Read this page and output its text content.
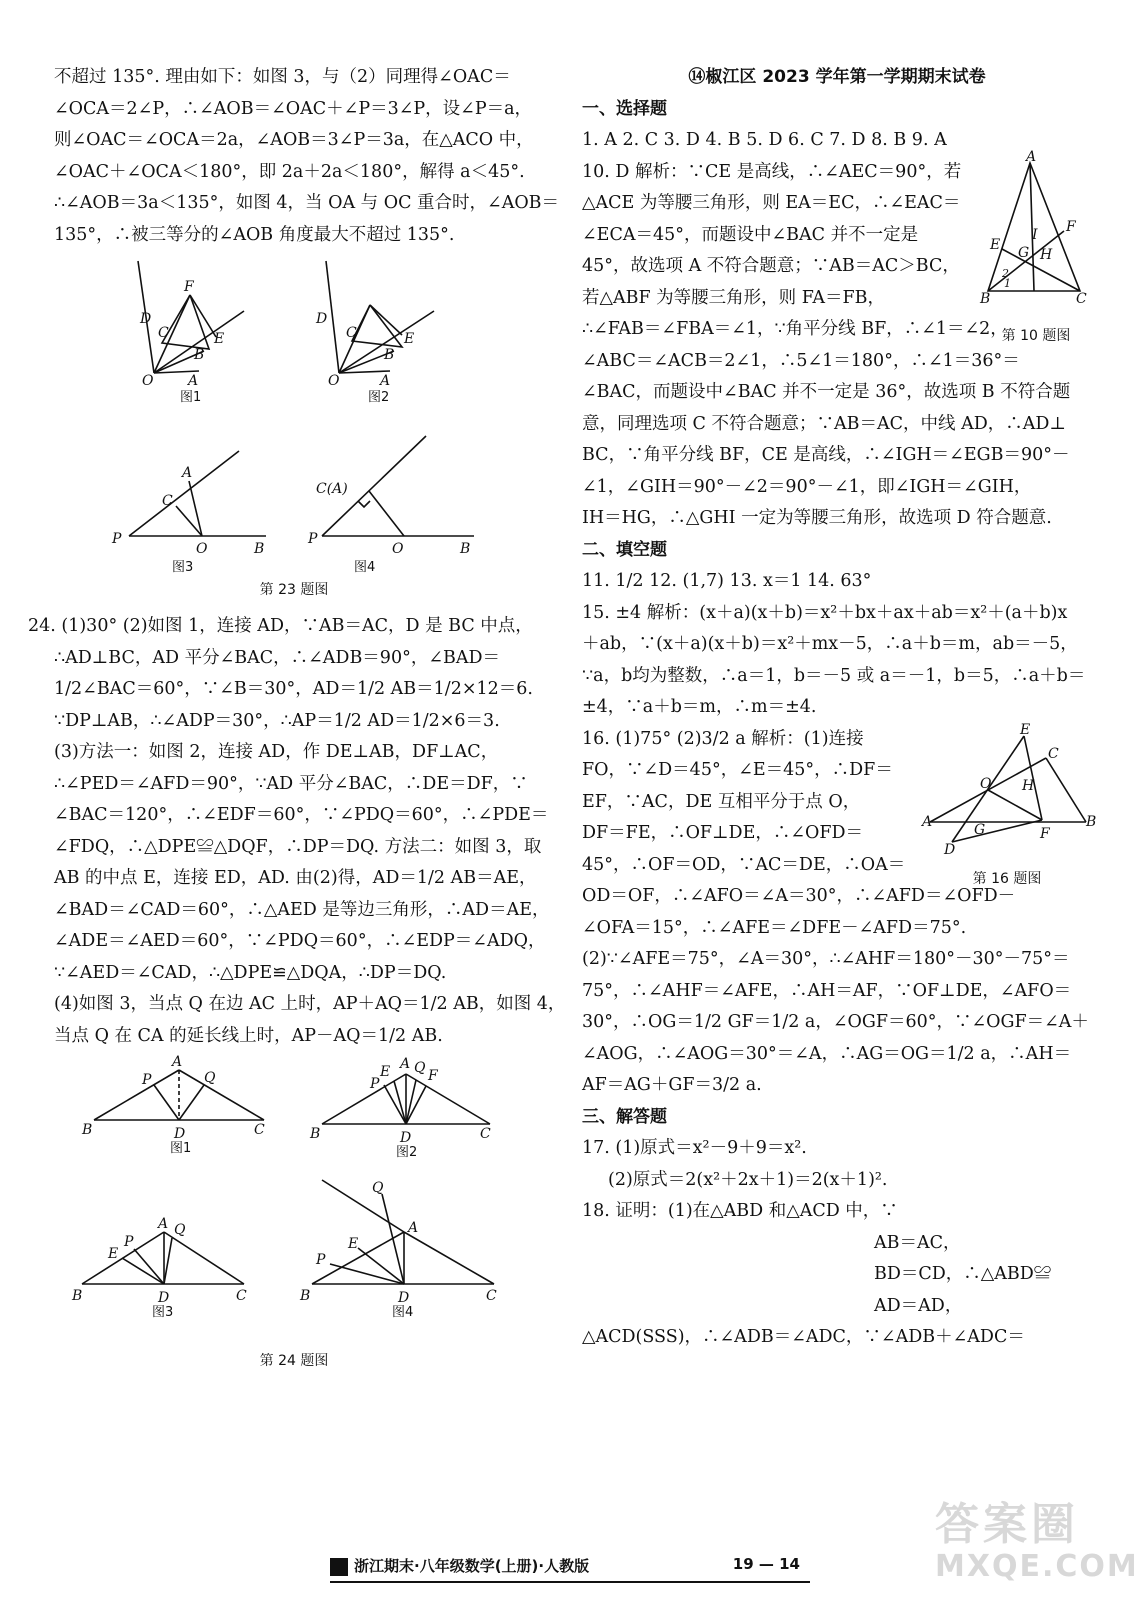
不超过 135°. 理由如下：如图 3，与（2）同理得∠OAC＝

∠OCA＝2∠P，∴∠AOB＝∠OAC＋∠P＝3∠P，设∠P＝a，

则∠OAC＝∠OCA＝2a，∠AOB＝3∠P＝3a，在△ACO 中，

∠OAC＋∠OCA＜180°，即 2a＋2a＜180°，解得 a＜45°.

∴∠AOB＝3a＜135°，如图 4，当 OA 与 OC 重合时，∠AOB＝

135°，∴被三等分的∠AOB 角度最大不超过 135°.

D
F
C
B
E
O A
图1
D
C
B
E
O	A
图2
P
C
A
O	B
图3
P
O	B
C(A)
图4
第 23 题图

24. (1)30° (2)如图 1，连接 AD，∵AB＝AC，D 是 BC 中点，

∴AD⊥BC，AD 平分∠BAC，∴∠ADB＝90°，∠BAD＝

1/2∠BAC＝60°，∵∠B＝30°，AD＝1/2 AB＝1/2×12＝6.

∵DP⊥AB，∴∠ADP＝30°，∴AP＝1/2 AD＝1/2×6＝3.

(3)方法一：如图 2，连接 AD，作 DE⊥AB，DF⊥AC，

∴∠PED＝∠AFD＝90°，∵AD 平分∠BAC，∴DE＝DF，∵

∠BAC＝120°，∴∠EDF＝60°，∵∠PDQ＝60°，∴∠PDE＝

∠FDQ，∴△DPE≌△DQF，∴DP＝DQ. 方法二：如图 3，取

AB 的中点 E，连接 ED，AD. 由(2)得，AD＝1/2 AB＝AE，

∠BAD＝∠CAD＝60°，∴△AED 是等边三角形，∴AD＝AE，

∠ADE＝∠AED＝60°，∵∠PDQ＝60°，∴∠EDP＝∠ADQ，

∵∠AED＝∠CAD，∴△DPE≌△DQA，∴DP＝DQ.

(4)如图 3，当点 Q 在边 AC 上时，AP＋AQ＝1/2 AB，如图 4，

当点 Q 在 CA 的延长线上时，AP－AQ＝1/2 AB.

B	C
A
D
P	Q
图1
B	C
P
E A Q F
D
图2
B	C
E
P
A Q
D
图3
B	C
P
E
A
Q
D
图4
第 24 题图

⑭椒江区 2023 学年第一学期期末试卷

一、选择题

1. A 2. C 3. D 4. B 5. D 6. C 7. D 8. B 9. A

A
B	C
E
F
G H
I
1
2
第 10 题图

10. D 解析：∵CE 是高线，∴∠AEC＝90°，若

△ACE 为等腰三角形，则 EA＝EC，∴∠EAC＝

∠ECA＝45°，而题设中∠BAC 并不一定是

45°，故选项 A 不符合题意；∵AB＝AC＞BC，

若△ABF 为等腰三角形，则 FA＝FB，

∴∠FAB＝∠FBA＝∠1，∵角平分线 BF，∴∠1＝∠2，

∠ABC＝∠ACB＝2∠1，∴5∠1＝180°，∴∠1＝36°＝

∠BAC，而题设中∠BAC 并不一定是 36°，故选项 B 不符合题

意，同理选项 C 不符合题意；∵AB＝AC，中线 AD，∴AD⊥

BC，∵角平分线 BF，CE 是高线，∴∠IGH＝∠EGB＝90°－

∠1，∠GIH＝90°－∠2＝90°－∠1，即∠IGH＝∠GIH，

IH＝HG，∴△GHI 一定为等腰三角形，故选项 D 符合题意.

二、填空题

11. 1/2 12. (1,7) 13. x＝1 14. 63°

15. ±4 解析：(x＋a)(x＋b)＝x²＋bx＋ax＋ab＝x²＋(a＋b)x

＋ab，∵(x＋a)(x＋b)＝x²＋mx－5，∴a＋b＝m，ab＝－5，

∵a，b均为整数，∴a＝1，b＝－5 或 a＝－1，b＝5，∴a＋b＝

±4，∵a＋b＝m，∴m＝±4.

A	B
E
C
D
O H
G	F
第 16 题图

16. (1)75° (2)3/2 a 解析：(1)连接

FO，∵∠D＝45°，∠E＝45°，∴DF＝

EF，∵AC，DE 互相平分于点 O，

DF＝FE，∴OF⊥DE，∴∠OFD＝

45°，∴OF＝OD，∵AC＝DE，∴OA＝

OD＝OF，∴∠AFO＝∠A＝30°，∴∠AFD＝∠OFD－

∠OFA＝15°，∴∠AFE＝∠DFE－∠AFD＝75°.

(2)∵∠AFE＝75°，∠A＝30°，∴∠AHF＝180°－30°－75°＝

75°，∴∠AHF＝∠AFE，∴AH＝AF，∵OF⊥DE，∠AFO＝

30°，∴OG＝1/2 GF＝1/2 a，∠OGF＝60°，∵∠OGF＝∠A＋

∠AOG，∴∠AOG＝30°＝∠A，∴AG＝OG＝1/2 a，∴AH＝

AF＝AG＋GF＝3/2 a.

三、解答题

17. (1)原式＝x²－9＋9＝x².

(2)原式＝2(x²＋2x＋1)＝2(x＋1)².

18. 证明：(1)在△ABD 和△ACD 中，∵

AB＝AC，

BD＝CD，∴△ABD≌

AD＝AD，

△ACD(SSS)，∴∠ADB＝∠ADC，∵∠ADB＋∠ADC＝

浙江期末·八年级数学(上册)·人教版	19 — 14
答案圈
MXQE.COM
